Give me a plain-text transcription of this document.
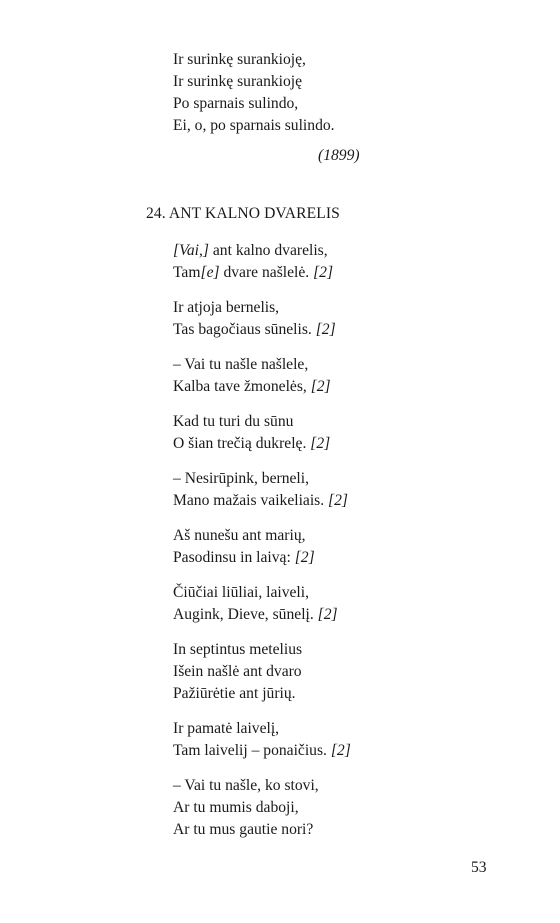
Ir surinkę surankioję,
Ir surinkę surankioję
Po sparnais sulindo,
Ei, o, po sparnais sulindo.
(1899)
24. ANT KALNO DVARELIS
[Vai,] ant kalno dvarelis,
Tam[e] dvare našlelė. [2]
Ir atjoja bernelis,
Tas bagočiaus sūnelis. [2]
– Vai tu našle našlele,
Kalba tave žmonelės, [2]
Kad tu turi du sūnu
O šian trečią dukrelę. [2]
– Nesirūpink, berneli,
Mano mažais vaikeliais. [2]
Aš nunešu ant marių,
Pasodinsu in laivą: [2]
Čiūčiai liūliai, laiveli,
Augink, Dieve, sūnelį. [2]
In septintus metelius
Išein našlė ant dvaro
Pažiūrėtie ant jūrių.
Ir pamatė laivelį,
Tam laivelij – ponaičius. [2]
– Vai tu našle, ko stovi,
Ar tu mumis daboji,
Ar tu mus gautie nori?
53
